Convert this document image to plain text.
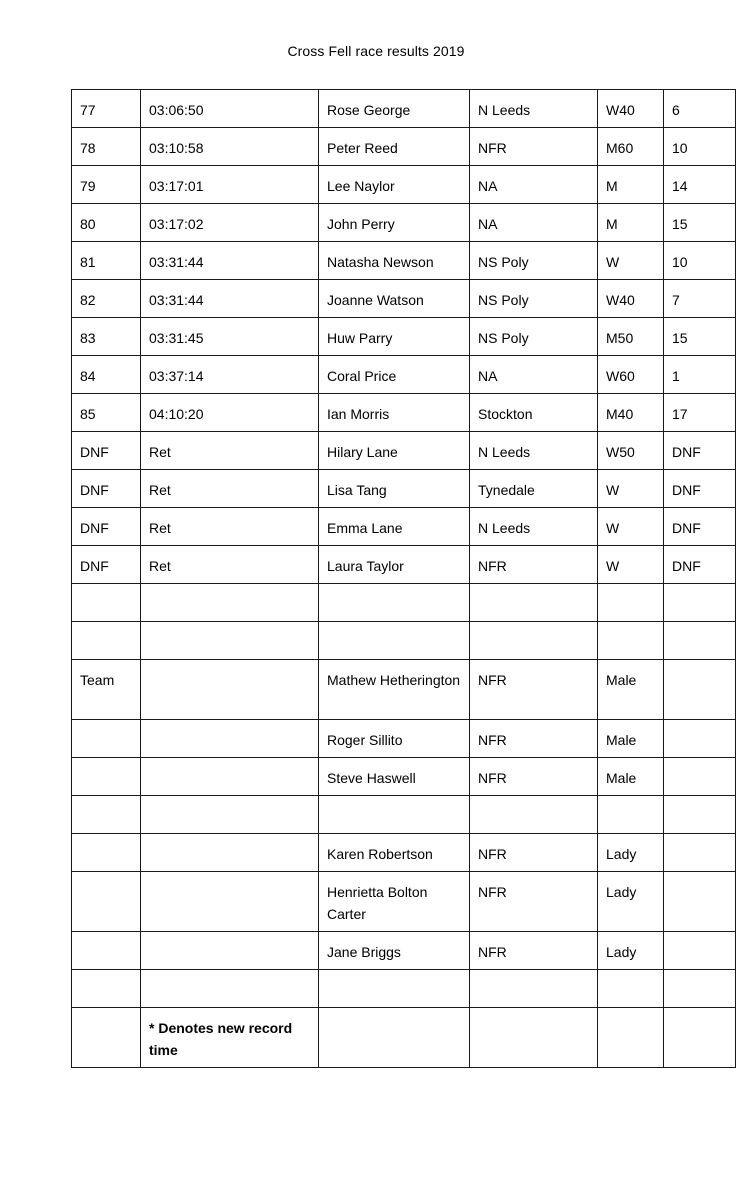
Cross Fell race results 2019
77	03:06:50	Rose George	N Leeds	W40	6
78	03:10:58	Peter Reed	NFR	M60	10
79	03:17:01	Lee Naylor	NA	M	14
80	03:17:02	John Perry	NA	M	15
81	03:31:44	Natasha Newson	NS Poly	W	10
82	03:31:44	Joanne Watson	NS Poly	W40	7
83	03:31:45	Huw Parry	NS Poly	M50	15
84	03:37:14	Coral Price	NA	W60	1
85	04:10:20	Ian Morris	Stockton	M40	17
DNF	Ret	Hilary Lane	N Leeds	W50	DNF
DNF	Ret	Lisa Tang	Tynedale	W	DNF
DNF	Ret	Emma Lane	N Leeds	W	DNF
DNF	Ret	Laura Taylor	NFR	W	DNF

Team		Mathew Hetherington	NFR	Male	
		Roger Sillito	NFR	Male	
		Steve Haswell	NFR	Male	

		Karen Robertson	NFR	Lady	
		Henrietta Bolton Carter	NFR	Lady	
		Jane Briggs	NFR	Lady	

	* Denotes new record time				
